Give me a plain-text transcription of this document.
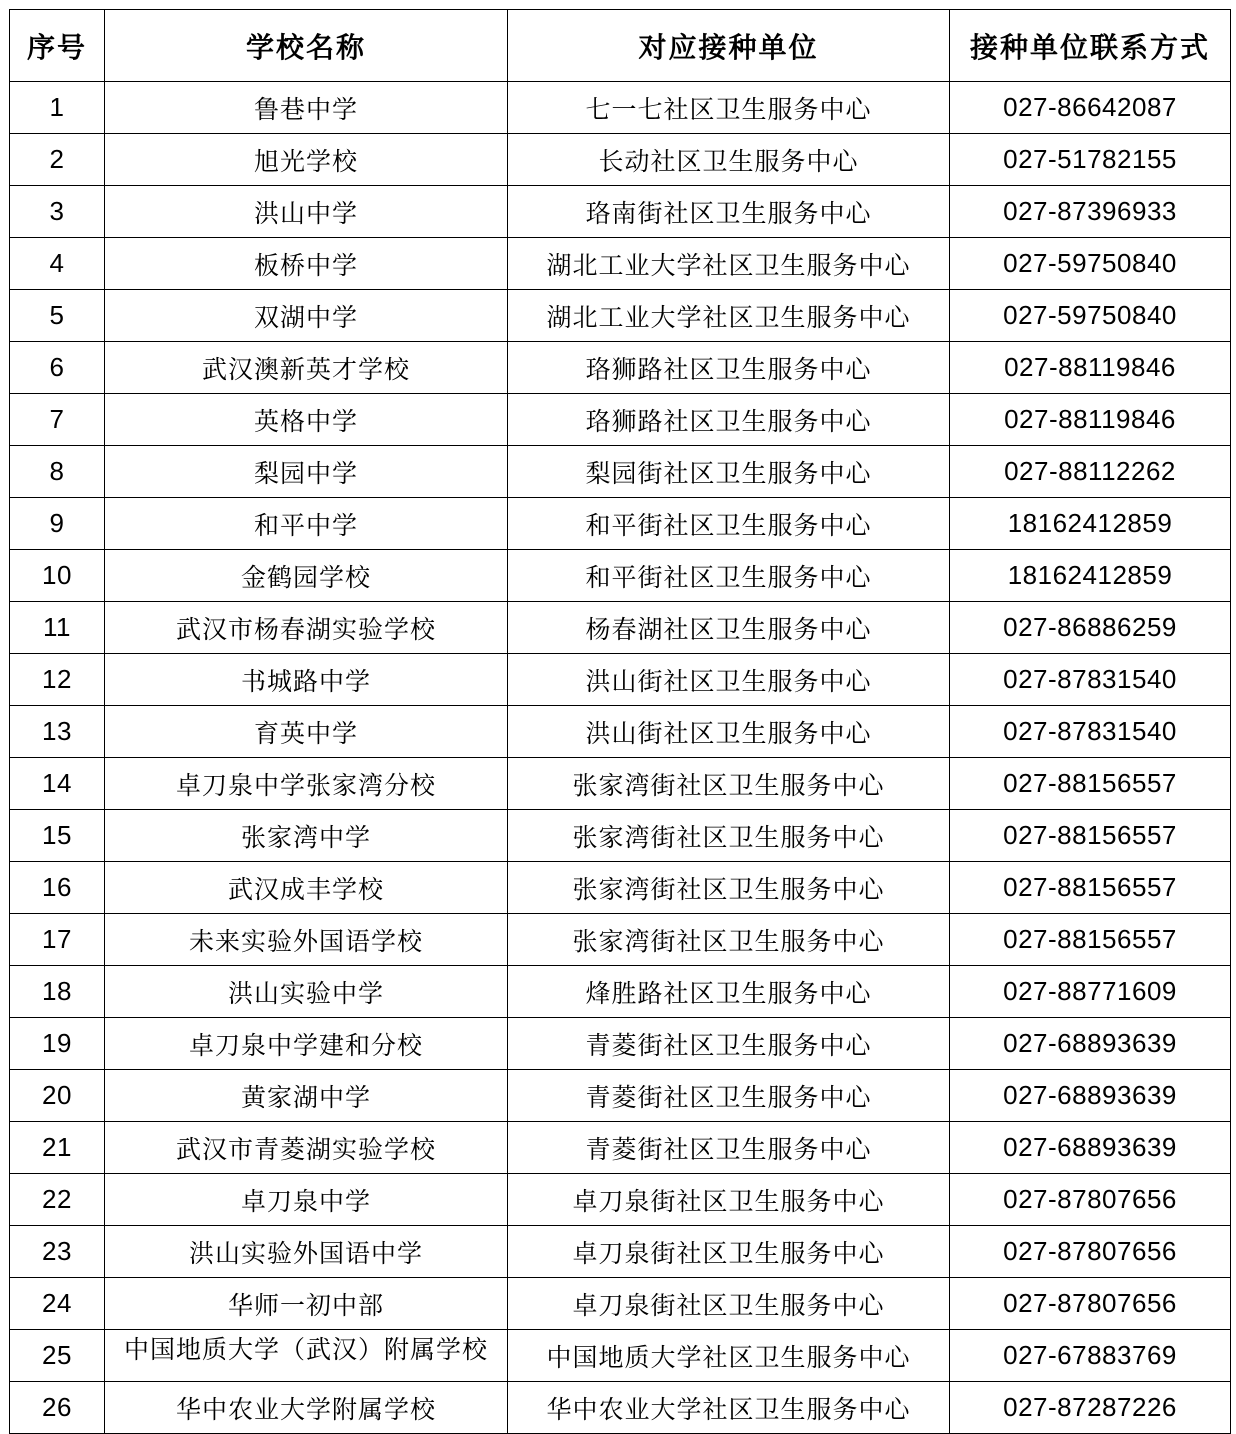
序号	学校名称	对应接种单位	接种单位联系方式
1	鲁巷中学	七一七社区卫生服务中心	027-86642087
2	旭光学校	长动社区卫生服务中心	027-51782155
3	洪山中学	珞南街社区卫生服务中心	027-87396933
4	板桥中学	湖北工业大学社区卫生服务中心	027-59750840
5	双湖中学	湖北工业大学社区卫生服务中心	027-59750840
6	武汉澳新英才学校	珞狮路社区卫生服务中心	027-88119846
7	英格中学	珞狮路社区卫生服务中心	027-88119846
8	梨园中学	梨园街社区卫生服务中心	027-88112262
9	和平中学	和平街社区卫生服务中心	18162412859
10	金鹤园学校	和平街社区卫生服务中心	18162412859
11	武汉市杨春湖实验学校	杨春湖社区卫生服务中心	027-86886259
12	书城路中学	洪山街社区卫生服务中心	027-87831540
13	育英中学	洪山街社区卫生服务中心	027-87831540
14	卓刀泉中学张家湾分校	张家湾街社区卫生服务中心	027-88156557
15	张家湾中学	张家湾街社区卫生服务中心	027-88156557
16	武汉成丰学校	张家湾街社区卫生服务中心	027-88156557
17	未来实验外国语学校	张家湾街社区卫生服务中心	027-88156557
18	洪山实验中学	烽胜路社区卫生服务中心	027-88771609
19	卓刀泉中学建和分校	青菱街社区卫生服务中心	027-68893639
20	黄家湖中学	青菱街社区卫生服务中心	027-68893639
21	武汉市青菱湖实验学校	青菱街社区卫生服务中心	027-68893639
22	卓刀泉中学	卓刀泉街社区卫生服务中心	027-87807656
23	洪山实验外国语中学	卓刀泉街社区卫生服务中心	027-87807656
24	华师一初中部	卓刀泉街社区卫生服务中心	027-87807656
25	中国地质大学（武汉）附属学校	中国地质大学社区卫生服务中心	027-67883769
26	华中农业大学附属学校	华中农业大学社区卫生服务中心	027-87287226
